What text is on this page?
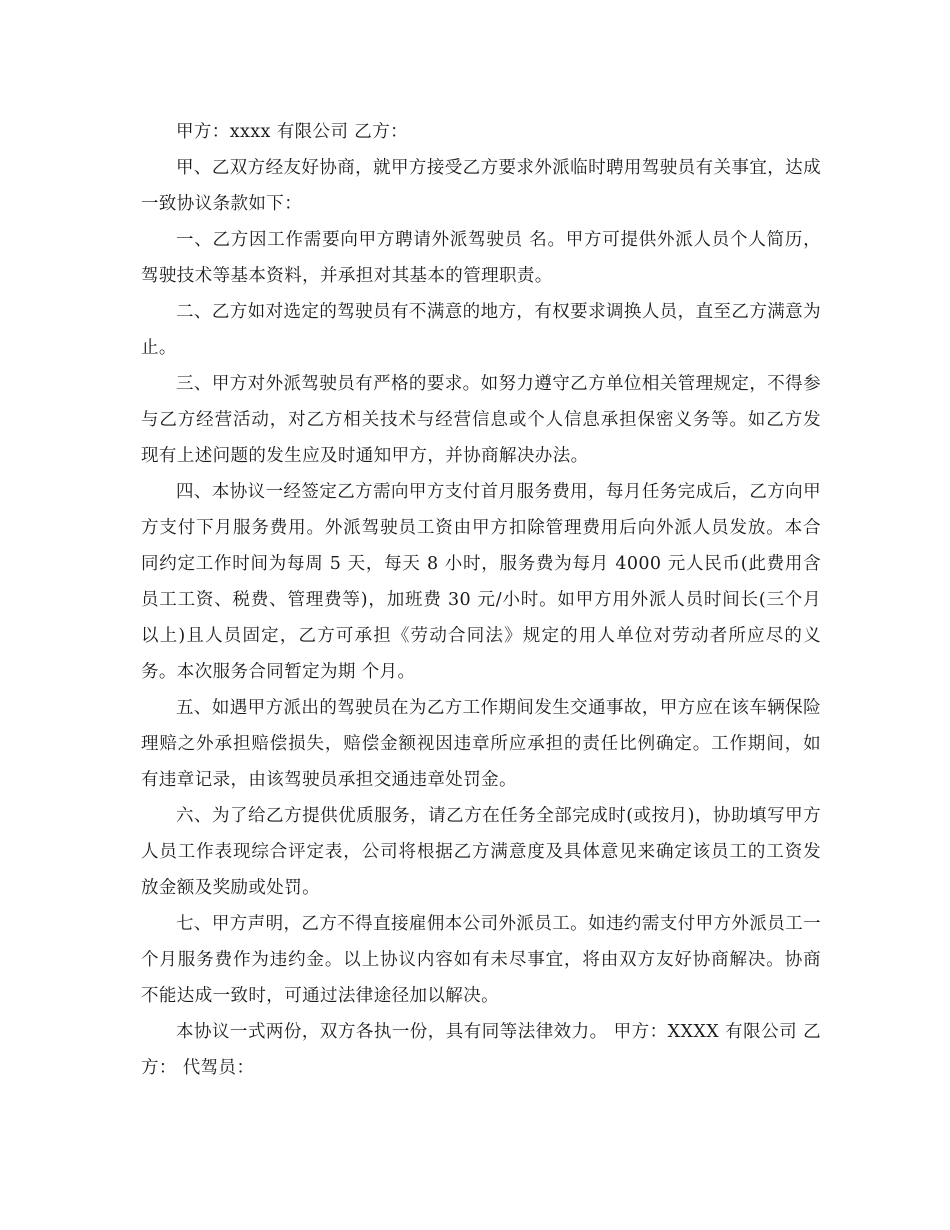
甲方：xxxx 有限公司 乙方：

甲、乙双方经友好协商，就甲方接受乙方要求外派临时聘用驾驶员有关事宜，达成一致协议条款如下：

一、乙方因工作需要向甲方聘请外派驾驶员 名。甲方可提供外派人员个人简历，驾驶技术等基本资料，并承担对其基本的管理职责。

二、乙方如对选定的驾驶员有不满意的地方，有权要求调换人员，直至乙方满意为止。

三、甲方对外派驾驶员有严格的要求。如努力遵守乙方单位相关管理规定，不得参与乙方经营活动，对乙方相关技术与经营信息或个人信息承担保密义务等。如乙方发现有上述问题的发生应及时通知甲方，并协商解决办法。

四、本协议一经签定乙方需向甲方支付首月服务费用，每月任务完成后，乙方向甲方支付下月服务费用。外派驾驶员工资由甲方扣除管理费用后向外派人员发放。本合同约定工作时间为每周 5 天，每天 8 小时，服务费为每月 4000 元人民币(此费用含员工工资、税费、管理费等)，加班费 30 元/小时。如甲方用外派人员时间长(三个月以上)且人员固定，乙方可承担《劳动合同法》规定的用人单位对劳动者所应尽的义务。本次服务合同暂定为期 个月。

五、如遇甲方派出的驾驶员在为乙方工作期间发生交通事故，甲方应在该车辆保险理赔之外承担赔偿损失，赔偿金额视因违章所应承担的责任比例确定。工作期间，如有违章记录，由该驾驶员承担交通违章处罚金。

六、为了给乙方提供优质服务，请乙方在任务全部完成时(或按月)，协助填写甲方人员工作表现综合评定表，公司将根据乙方满意度及具体意见来确定该员工的工资发放金额及奖励或处罚。

七、甲方声明，乙方不得直接雇佣本公司外派员工。如违约需支付甲方外派员工一个月服务费作为违约金。以上协议内容如有未尽事宜，将由双方友好协商解决。协商不能达成一致时，可通过法律途径加以解决。

本协议一式两份，双方各执一份，具有同等法律效力。 甲方：XXXX 有限公司 乙方： 代驾员：
